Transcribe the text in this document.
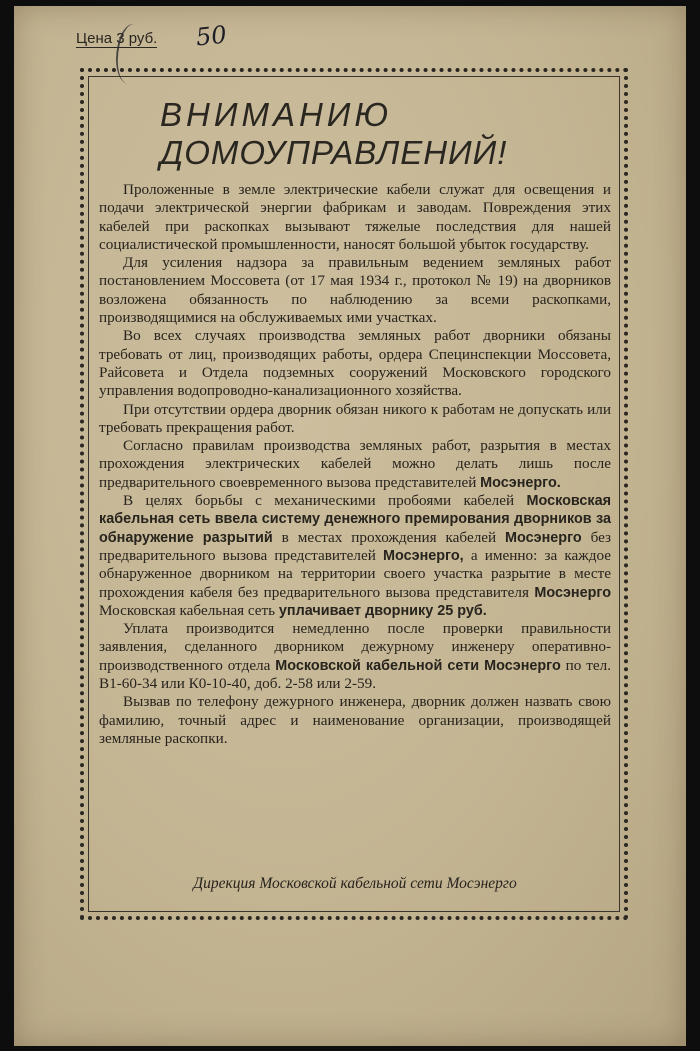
Цена 3 руб. 50
ВНИМАНИЮ
ДОМОУПРАВЛЕНИЙ!

Проложенные в земле электрические кабели служат для освещения и подачи электрической энергии фабрикам и заводам. Повреждения этих кабелей при раскопках вызывают тяжелые последствия для нашей социалистической промышленности, наносят большой убыток государству.

Для усиления надзора за правильным ведением земляных работ постановлением Моссовета (от 17 мая 1934 г., протокол № 19) на дворников возложена обязанность по наблюдению за всеми раскопками, производящимися на обслуживаемых ими участках.

Во всех случаях производства земляных работ дворники обязаны требовать от лиц, производящих работы, ордера Специнспекции Моссовета, Райсовета и Отдела подземных сооружений Московского городского управления водопроводно-канализационного хозяйства.

При отсутствии ордера дворник обязан никого к работам не допускать или требовать прекращения работ.

Согласно правилам производства земляных работ, разрытия в местах прохождения электрических кабелей можно делать лишь после предварительного своевременного вызова представителей Мосэнерго.

В целях борьбы с механическими пробоями кабелей Московская кабельная сеть ввела систему денежного премирования дворников за обнаружение разрытий в местах прохождения кабелей Мосэнерго без предварительного вызова представителей Мосэнерго, а именно: за каждое обнаруженное дворником на территории своего участка разрытие в месте прохождения кабеля без предварительного вызова представителя Мосэнерго Московская кабельная сеть уплачивает дворнику 25 руб.

Уплата производится немедленно после проверки правильности заявления, сделанного дворником дежурному инженеру оперативно-производственного отдела Московской кабельной сети Мосэнерго по тел. В1-60-34 или К0-10-40, доб. 2-58 или 2-59.

Вызвав по телефону дежурного инженера, дворник должен назвать свою фамилию, точный адрес и наименование организации, производящей земляные раскопки.

Дирекция Московской кабельной сети Мосэнерго
